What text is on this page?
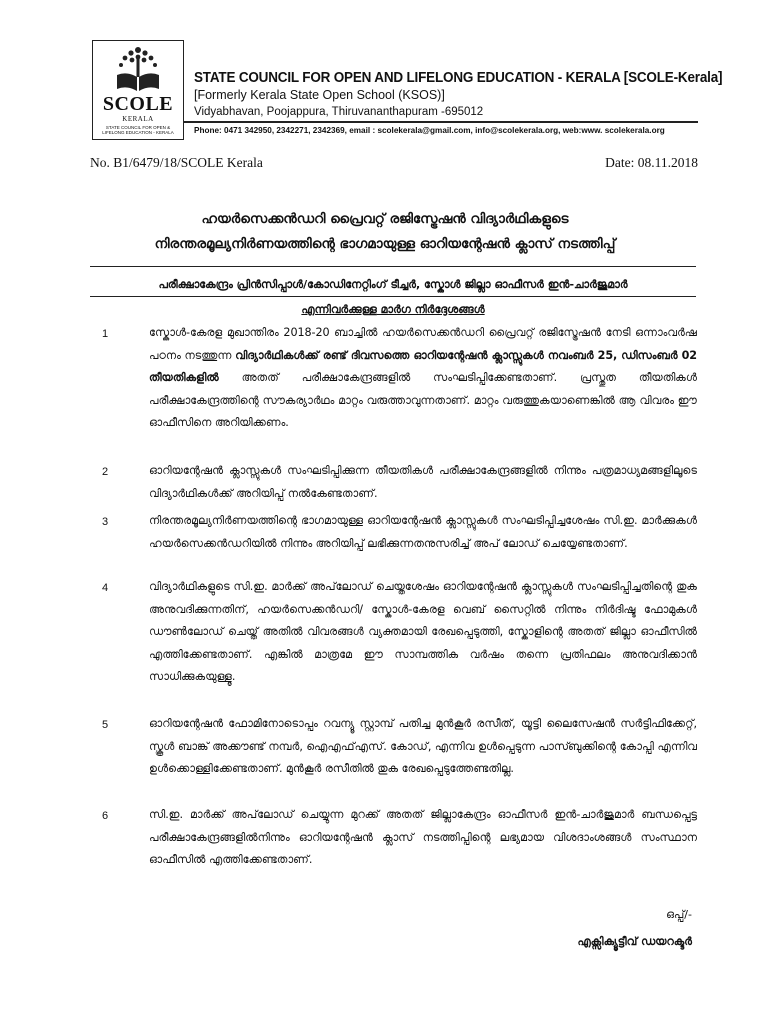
SCOLE
KERALA
STATE COUNCIL FOR OPEN & LIFELONG EDUCATION - KERALA
STATE COUNCIL FOR OPEN AND LIFELONG EDUCATION - KERALA [SCOLE-Kerala]
[Formerly Kerala State Open School (KSOS)]
Vidyabhavan, Poojappura, Thiruvananthapuram -695012
Phone: 0471 342950, 2342271, 2342369, email : scolekerala@gmail.com, info@scolekerala.org, web:www. scolekerala.org
No. B1/6479/18/SCOLE Kerala	Date: 08.11.2018
ഹയർസെക്കൻഡറി പ്രൈവറ്റ് രജിസ്ട്രേഷൻ വിദ്യാർഥികളുടെ
നിരന്തരമൂല്യനിർണയത്തിന്റെ ഭാഗമായുള്ള ഓറിയന്റേഷൻ ക്ലാസ് നടത്തിപ്പ്
പരീക്ഷാകേന്ദ്രം പ്രിൻസിപ്പാൾ/കോഡിനേറ്റിംഗ് ടീച്ചർ, സ്കോൾ ജില്ലാ ഓഫീസർ ഇൻ-ചാർജുമാർ
എന്നിവർക്കുള്ള മാർഗ നിർദ്ദേശങ്ങൾ
1	സ്കോൾ-കേരള മുഖാന്തിരം 2018-20 ബാച്ചിൽ ഹയർസെക്കൻഡറി പ്രൈവറ്റ് രജിസ്ട്രേഷൻ നേടി ഒന്നാംവർഷ പഠനം നടത്തുന്ന വിദ്യാർഥികൾക്ക് രണ്ട് ദിവസത്തെ ഓറിയന്റേഷൻ ക്ലാസ്സുകൾ നവംബർ 25, ഡിസംബർ 02 തീയതികളിൽ അതത് പരീക്ഷാകേന്ദ്രങ്ങളിൽ സംഘടിപ്പിക്കേണ്ടതാണ്. പ്രസ്തുത തീയതികൾ പരീക്ഷാകേന്ദ്രത്തിന്റെ സൗകര്യാർഥം മാറ്റം വരുത്താവുന്നതാണ്. മാറ്റം വരുത്തുകയാണെങ്കിൽ ആ വിവരം ഈ ഓഫീസിനെ അറിയിക്കണം.
2	ഓറിയന്റേഷൻ ക്ലാസ്സുകൾ സംഘടിപ്പിക്കുന്ന തീയതികൾ പരീക്ഷാകേന്ദ്രങ്ങളിൽ നിന്നും പത്രമാധ്യമങ്ങളിലൂടെ വിദ്യാർഥികൾക്ക് അറിയിപ്പ് നൽകേണ്ടതാണ്.
3	നിരന്തരമൂല്യനിർണയത്തിന്റെ ഭാഗമായുള്ള ഓറിയന്റേഷൻ ക്ലാസ്സുകൾ സംഘടിപ്പിച്ചശേഷം സി.ഇ. മാർക്കുകൾ ഹയർസെക്കൻഡറിയിൽ നിന്നും അറിയിപ്പ് ലഭിക്കുന്നതനുസരിച്ച് അപ് ലോഡ് ചെയ്യേണ്ടതാണ്.
4	വിദ്യാർഥികളുടെ സി.ഇ. മാർക്ക് അപ്‌ലോഡ് ചെയ്തശേഷം ഓറിയന്റേഷൻ ക്ലാസ്സുകൾ സംഘടിപ്പിച്ചതിന്റെ തുക അനുവദിക്കുന്നതിന്, ഹയർസെക്കൻഡറി/ സ്കോൾ-കേരള വെബ് സൈറ്റിൽ നിന്നും നിർദിഷ്ട ഫോമുകൾ ഡൗൺലോഡ് ചെയ്ത് അതിൽ വിവരങ്ങൾ വ്യക്തമായി രേഖപ്പെടുത്തി, സ്കോളിന്റെ അതത് ജില്ലാ ഓഫീസിൽ എത്തിക്കേണ്ടതാണ്. എങ്കിൽ മാത്രമേ ഈ സാമ്പത്തിക വർഷം തന്നെ പ്രതിഫലം അനുവദിക്കാൻ സാധിക്കുകയുള്ളൂ.
5	ഓറിയന്റേഷൻ ഫോമിനോടൊപ്പം റവന്യൂ സ്റ്റാമ്പ് പതിച്ച മുൻകൂർ രസീത്, യൂട്ടി ലൈസേഷൻ സർട്ടിഫിക്കേറ്റ്, സ്കൂൾ ബാങ്ക് അക്കൗണ്ട് നമ്പർ, ഐഎഫ്എസ്. കോഡ്, എന്നിവ ഉൾപ്പെടുന്ന പാസ്ബുക്കിന്റെ കോപ്പി എന്നിവ ഉൾക്കൊള്ളിക്കേണ്ടതാണ്. മുൻകൂർ രസീതിൽ തുക രേഖപ്പെടുത്തേണ്ടതില്ല.
6	സി.ഇ. മാർക്ക് അപ്‌ലോഡ് ചെയ്യുന്ന മുറക്ക് അതത് ജില്ലാകേന്ദ്രം ഓഫീസർ ഇൻ-ചാർജുമാർ ബന്ധപ്പെട്ട പരീക്ഷാകേന്ദ്രങ്ങളിൽനിന്നും ഓറിയന്റേഷൻ ക്ലാസ് നടത്തിപ്പിന്റെ ലഭ്യമായ വിശദാംശങ്ങൾ സംസ്ഥാന ഓഫീസിൽ എത്തിക്കേണ്ടതാണ്.
ഒപ്പ്/-
എക്സിക്യൂട്ടീവ് ഡയറക്ടർ
